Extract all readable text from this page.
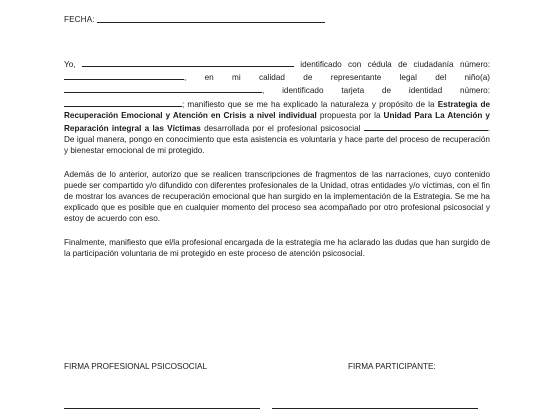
FECHA:

Yo,	identificado con cédula de ciudadanía número: , en mi calidad de representante legal del niño(a) , identificado tarjeta de identidad número: ; manifiesto que se me ha explicado la naturaleza y propósito de la Estrategia de Recuperación Emocional y Atención en Crisis a nivel individual propuesta por la Unidad Para La Atención y Reparación integral a las Víctimas desarrollada por el profesional psicosocial	. De igual manera, pongo en conocimiento que esta asistencia es voluntaria y hace parte del proceso de recuperación y bienestar emocional de mi protegido.

Además de lo anterior, autorizo que se realicen transcripciones de fragmentos de las narraciones, cuyo contenido puede ser compartido y/o difundido con diferentes profesionales de la Unidad, otras entidades y/o víctimas, con el fin de mostrar los avances de recuperación emocional que han surgido en la implementación de la Estrategia. Se me ha explicado que es posible que en cualquier momento del proceso sea acompañado por otro profesional psicosocial y estoy de acuerdo con eso.

Finalmente, manifiesto que el/la profesional encargada de la estrategia me ha aclarado las dudas que han surgido de la participación voluntaria de mi protegido en este proceso de atención psicosocial.

FIRMA PROFESIONAL PSICOSOCIAL	FIRMA PARTICIPANTE:
